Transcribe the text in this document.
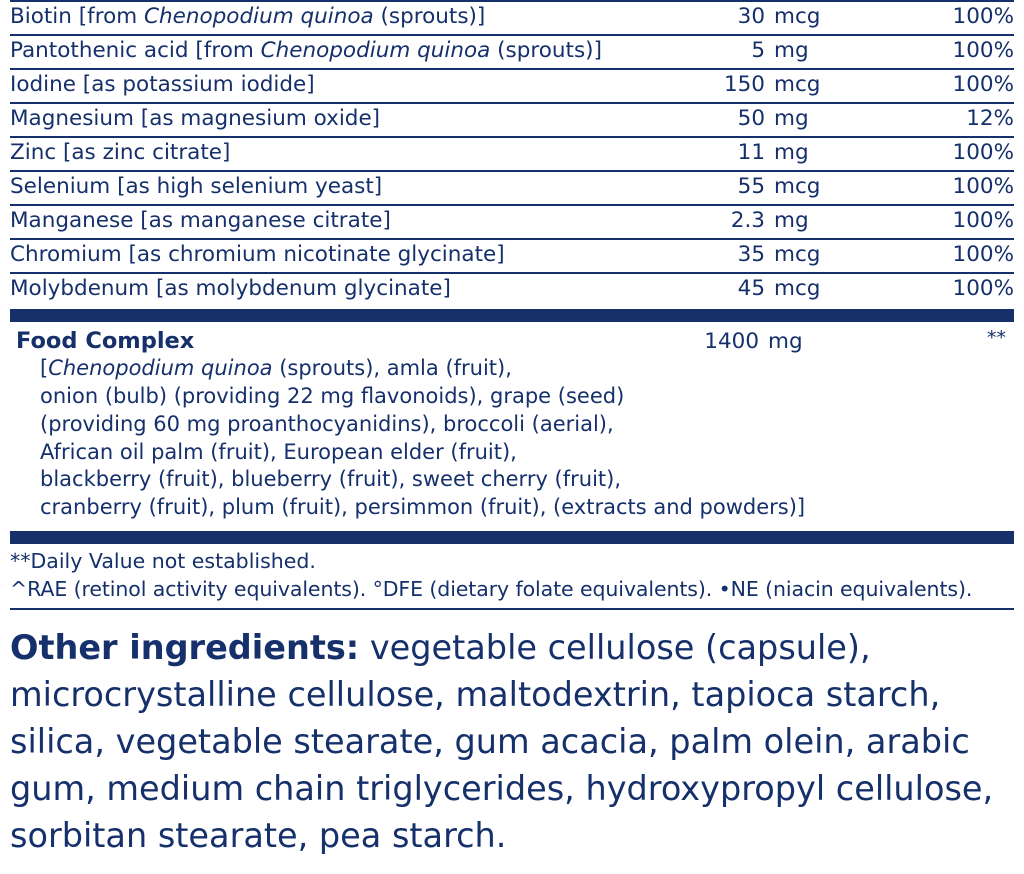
Biotin [from Chenopodium quinoa (sprouts)]	30 mcg	100%
Pantothenic acid [from Chenopodium quinoa (sprouts)]	5 mg	100%
Iodine [as potassium iodide]	150 mcg	100%
Magnesium [as magnesium oxide]	50 mg	12%
Zinc [as zinc citrate]	11 mg	100%
Selenium [as high selenium yeast]	55 mcg	100%
Manganese [as manganese citrate]	2.3 mg	100%
Chromium [as chromium nicotinate glycinate]	35 mcg	100%
Molybdenum [as molybdenum glycinate]	45 mcg	100%
Food Complex	1400 mg	**
[Chenopodium quinoa (sprouts), amla (fruit),
onion (bulb) (providing 22 mg flavonoids), grape (seed)
(providing 60 mg proanthocyanidins), broccoli (aerial),
African oil palm (fruit), European elder (fruit),
blackberry (fruit), blueberry (fruit), sweet cherry (fruit),
cranberry (fruit), plum (fruit), persimmon (fruit), (extracts and powders)]
**Daily Value not established.
^RAE (retinol activity equivalents). °DFE (dietary folate equivalents). •NE (niacin equivalents).
Other ingredients: vegetable cellulose (capsule), microcrystalline cellulose, maltodextrin, tapioca starch, silica, vegetable stearate, gum acacia, palm olein, arabic gum, medium chain triglycerides, hydroxypropyl cellulose, sorbitan stearate, pea starch.
